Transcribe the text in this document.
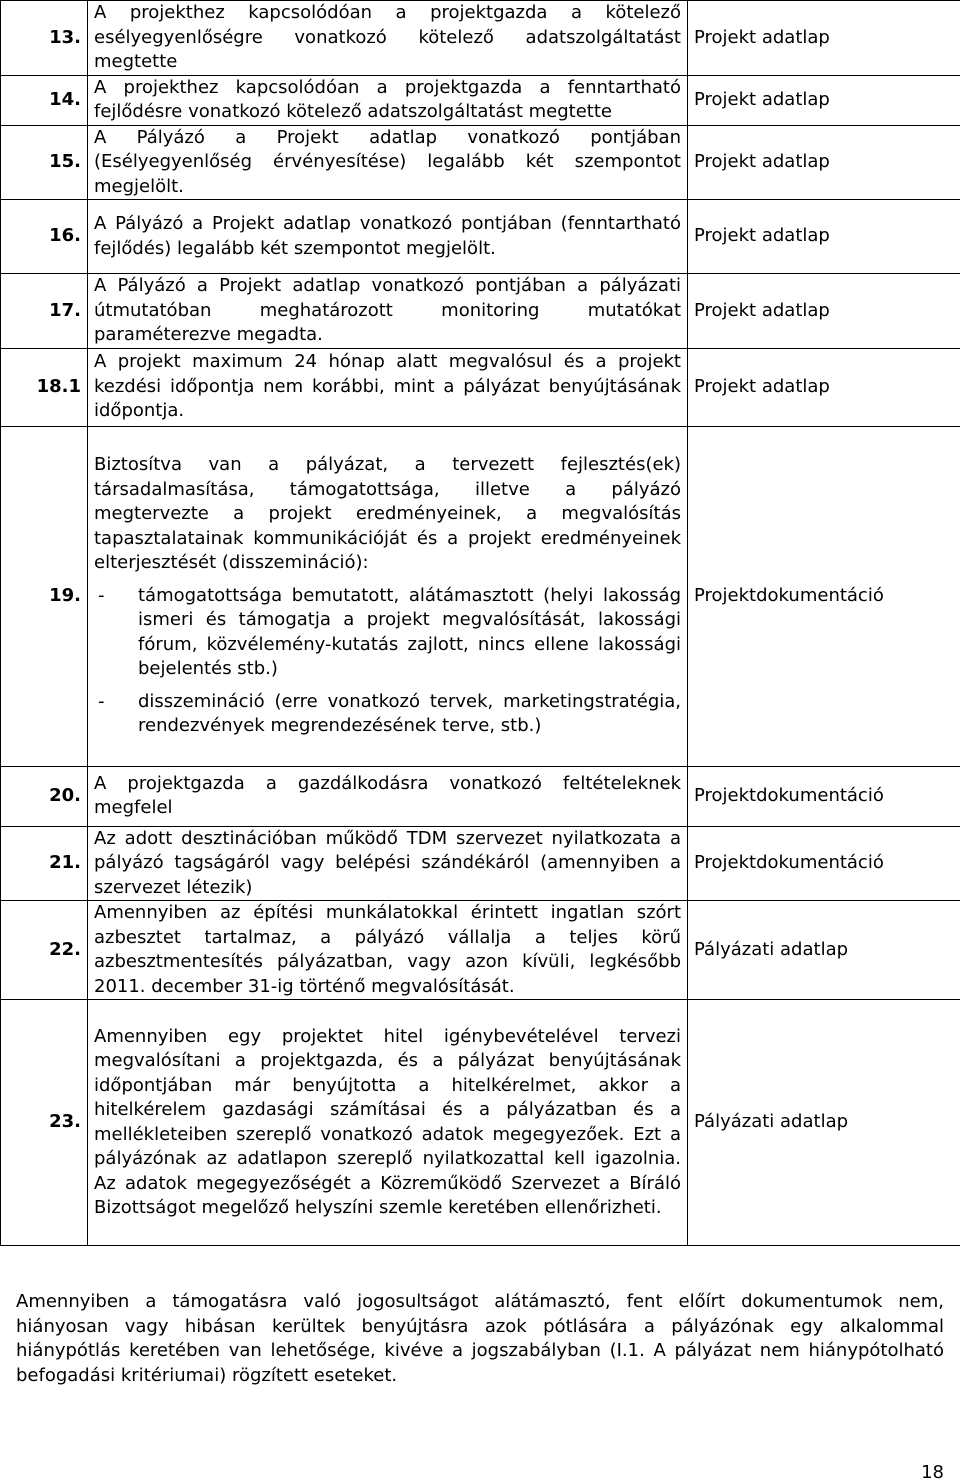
13.	A projekthez kapcsolódóan a projektgazda a kötelező esélyegyenlőségre vonatkozó kötelező adatszolgáltatást megtette	Projekt adatlap
14.	A projekthez kapcsolódóan a projektgazda a fenntartható fejlődésre vonatkozó kötelező adatszolgáltatást megtette	Projekt adatlap
15.	A Pályázó a Projekt adatlap vonatkozó pontjában (Esélyegyenlőség érvényesítése) legalább két szempontot megjelölt.	Projekt adatlap
16.	A Pályázó a Projekt adatlap vonatkozó pontjában (fenntartható fejlődés) legalább két szempontot megjelölt.	Projekt adatlap
17.	A Pályázó a Projekt adatlap vonatkozó pontjában a pályázati útmutatóban meghatározott monitoring mutatókat paraméterezve megadta.	Projekt adatlap
18.1	A projekt maximum 24 hónap alatt megvalósul és a projekt kezdési időpontja nem korábbi, mint a pályázat benyújtásának időpontja.	Projekt adatlap
19.	Biztosítva van a pályázat, a tervezett fejlesztés(ek) társadalmasítása, támogatottsága, illetve a pályázó megtervezte a projekt eredményeinek, a megvalósítás tapasztalatainak kommunikációját és a projekt eredményeinek elterjesztését (disszemináció):
- támogatottsága bemutatott, alátámasztott (helyi lakosság ismeri és támogatja a projekt megvalósítását, lakossági fórum, közvélemény-kutatás zajlott, nincs ellene lakossági bejelentés stb.)
- disszemináció (erre vonatkozó tervek, marketingstratégia, rendezvények megrendezésének terve, stb.)	Projektdokumentáció
20.	A projektgazda a gazdálkodásra vonatkozó feltételeknek megfelel	Projektdokumentáció
21.	Az adott desztinációban működő TDM szervezet nyilatkozata a pályázó tagságáról vagy belépési szándékáról (amennyiben a szervezet létezik)	Projektdokumentáció
22.	Amennyiben az építési munkálatokkal érintett ingatlan szórt azbesztet tartalmaz, a pályázó vállalja a teljes körű azbesztmentesítés pályázatban, vagy azon kívüli, legkésőbb 2011. december 31-ig történő megvalósítását.	Pályázati adatlap
23.	Amennyiben egy projektet hitel igénybevételével tervezi megvalósítani a projektgazda, és a pályázat benyújtásának időpontjában már benyújtotta a hitelkérelmet, akkor a hitelkérelem gazdasági számításai és a pályázatban és a mellékleteiben szereplő vonatkozó adatok megegyezőek. Ezt a pályázónak az adatlapon szereplő nyilatkozattal kell igazolnia. Az adatok megegyezőségét a Közreműködő Szervezet a Bíráló Bizottságot megelőző helyszíni szemle keretében ellenőrizheti.	Pályázati adatlap
Amennyiben a támogatásra való jogosultságot alátámasztó, fent előírt dokumentumok nem, hiányosan vagy hibásan kerültek benyújtásra azok pótlására a pályázónak egy alkalommal hiánypótlás keretében van lehetősége, kivéve a jogszabályban (I.1. A pályázat nem hiánypótolható befogadási kritériumai) rögzített eseteket.
18
